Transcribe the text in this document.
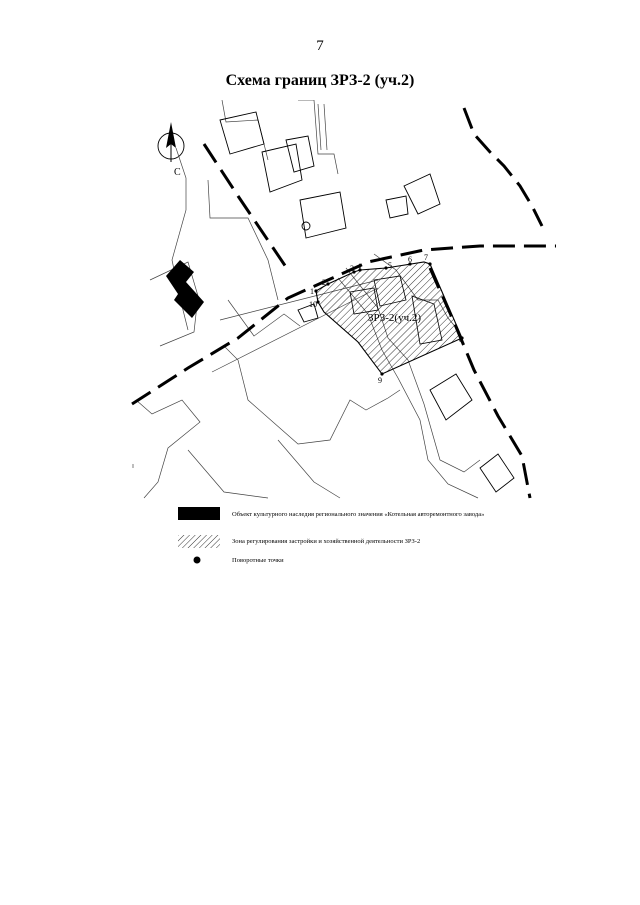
7
Схема границ ЗРЗ-2 (уч.2)
С
1
2
3 4	5
6 7
8
9
10
ЗРЗ-2(уч.2)
Объект культурного наследия регионального значения «Котельная авторемонтного завода»
Зона регулирования застройки и хозяйственной деятельности ЗРЗ-2
Поворотные точки
